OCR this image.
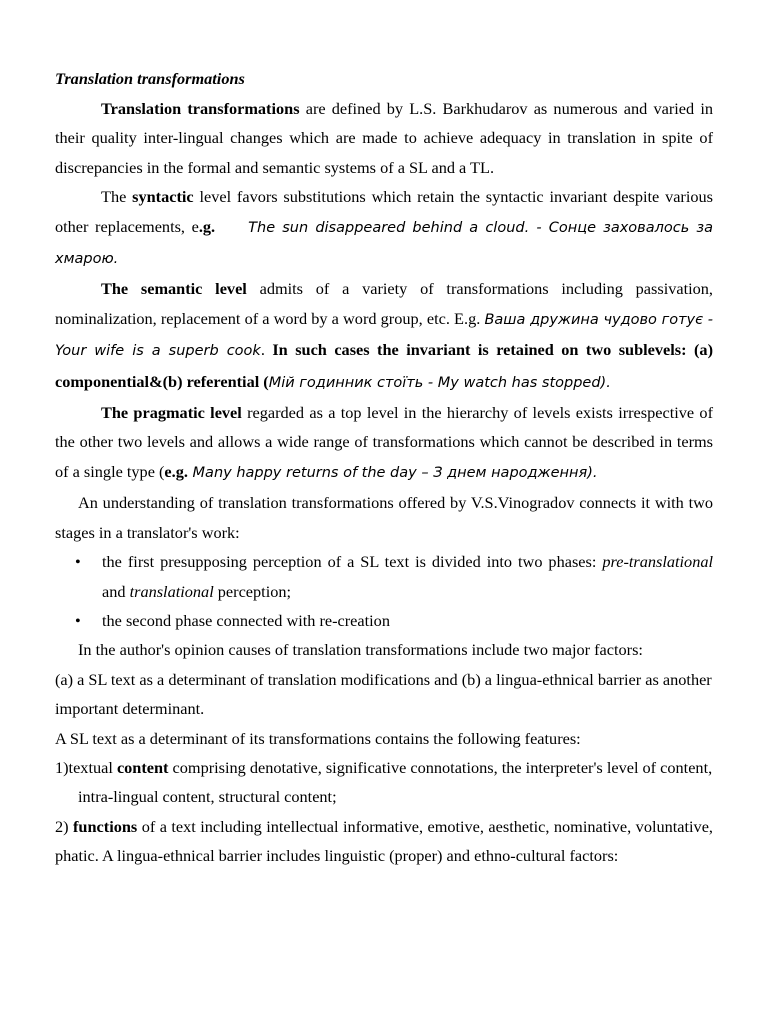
Translation transformations

Translation transformations are defined by L.S. Barkhudarov as numerous and varied in their quality inter-lingual changes which are made to achieve adequacy in translation in spite of discrepancies in the formal and semantic systems of a SL and a TL.

The syntactic level favors substitutions which retain the syntactic invariant despite various other replacements, e.g. The sun disappeared behind a cloud. - Сонце заховалось за хмарою.

The semantic level admits of a variety of transformations including passivation, nominalization, replacement of a word by a word group, etc. E.g. Ваша дружина чудово готує - Your wife is a superb cook. In such cases the invariant is retained on two sublevels: (a) componential&(b) referential (Мій годинник стоїть - My watch has stopped).

The pragmatic level regarded as a top level in the hierarchy of levels exists irrespective of the other two levels and allows a wide range of transformations which cannot be described in terms of a single type (e.g. Many happy returns of the day – З днем народження).

An understanding of translation transformations offered by V.S.Vinogradov connects it with two stages in a translator's work:

• the first presupposing perception of a SL text is divided into two phases: pre-translational and translational perception;
• the second phase connected with re-creation

In the author's opinion causes of translation transformations include two major factors:

(a) a SL text as a determinant of translation modifications and (b) a lingua-ethnical barrier as another important determinant.

A SL text as a determinant of its transformations contains the following features:

1)textual content comprising denotative, significative connotations, the interpreter's level of content, intra-lingual content, structural content;

2) functions of a text including intellectual informative, emotive, aesthetic, nominative, voluntative, phatic. A lingua-ethnical barrier includes linguistic (proper) and ethno-cultural factors:
